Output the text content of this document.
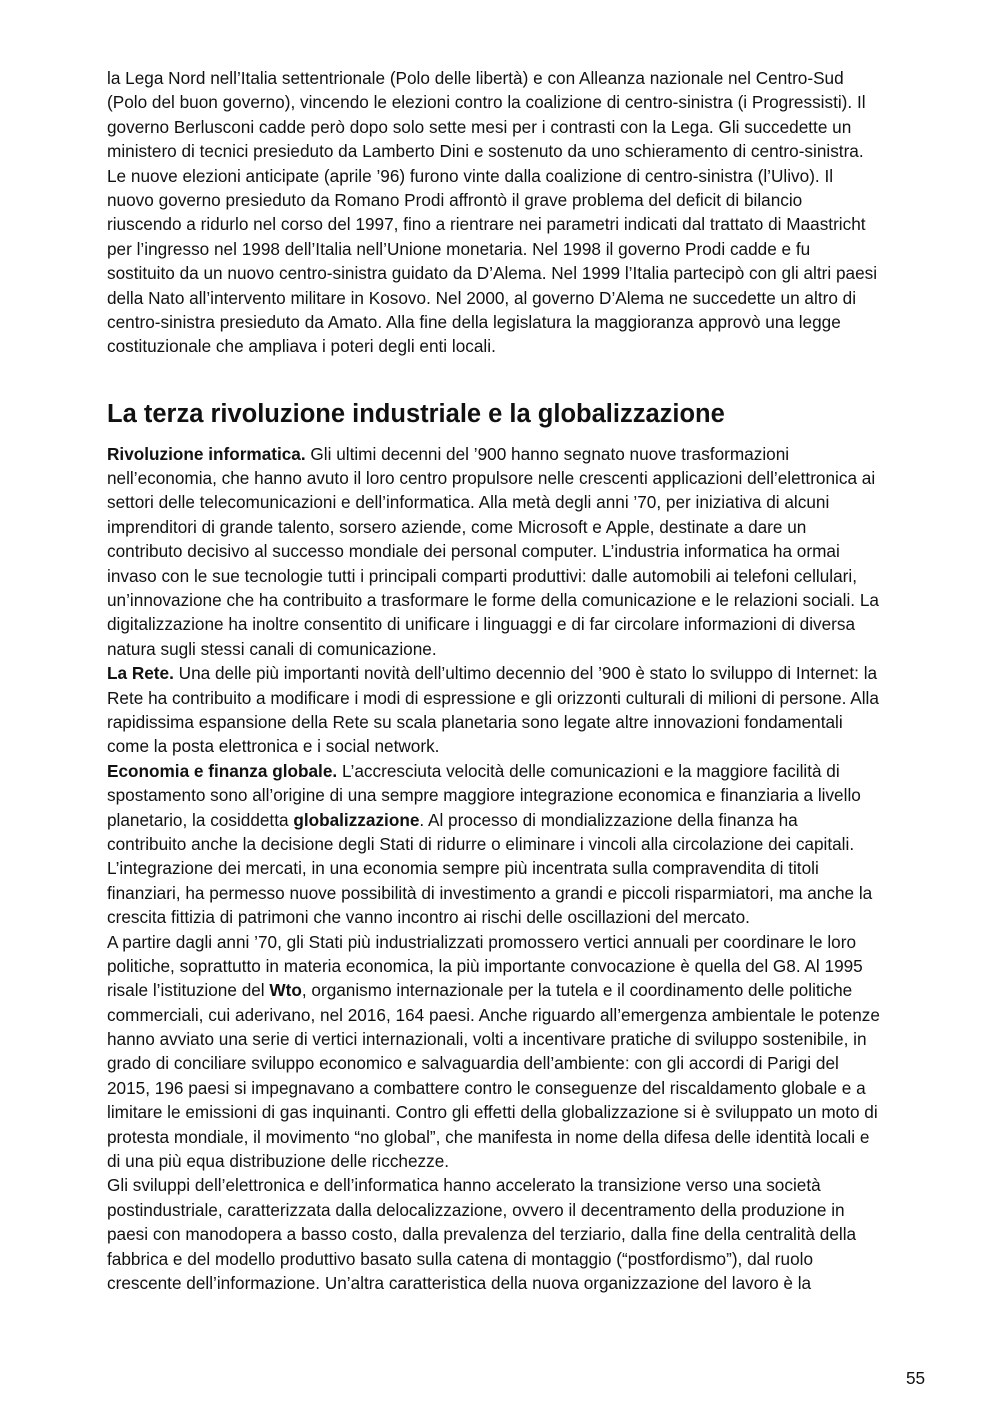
la Lega Nord nell’Italia settentrionale (Polo delle libertà) e con Alleanza nazionale nel Centro-Sud
(Polo del buon governo), vincendo le elezioni contro la coalizione di centro-sinistra (i Progressisti). Il
governo Berlusconi cadde però dopo solo sette mesi per i contrasti con la Lega. Gli succedette un
ministero di tecnici presieduto da Lamberto Dini e sostenuto da uno schieramento di centro-sinistra.
Le nuove elezioni anticipate (aprile ’96) furono vinte dalla coalizione di centro-sinistra (l’Ulivo). Il
nuovo governo presieduto da Romano Prodi affrontò il grave problema del deficit di bilancio
riuscendo a ridurlo nel corso del 1997, fino a rientrare nei parametri indicati dal trattato di Maastricht
per l’ingresso nel 1998 dell’Italia nell’Unione monetaria. Nel 1998 il governo Prodi cadde e fu
sostituito da un nuovo centro-sinistra guidato da D’Alema. Nel 1999 l’Italia partecipò con gli altri paesi
della Nato all’intervento militare in Kosovo. Nel 2000, al governo D’Alema ne succedette un altro di
centro-sinistra presieduto da Amato. Alla fine della legislatura la maggioranza approvò una legge
costituzionale che ampliava i poteri degli enti locali.
La terza rivoluzione industriale e la globalizzazione
Rivoluzione informatica. Gli ultimi decenni del ’900 hanno segnato nuove trasformazioni
nell’economia, che hanno avuto il loro centro propulsore nelle crescenti applicazioni dell’elettronica ai
settori delle telecomunicazioni e dell’informatica. Alla metà degli anni ’70, per iniziativa di alcuni
imprenditori di grande talento, sorsero aziende, come Microsoft e Apple, destinate a dare un
contributo decisivo al successo mondiale dei personal computer. L’industria informatica ha ormai
invaso con le sue tecnologie tutti i principali comparti produttivi: dalle automobili ai telefoni cellulari,
un’innovazione che ha contribuito a trasformare le forme della comunicazione e le relazioni sociali. La
digitalizzazione ha inoltre consentito di unificare i linguaggi e di far circolare informazioni di diversa
natura sugli stessi canali di comunicazione.
La Rete. Una delle più importanti novità dell’ultimo decennio del ’900 è stato lo sviluppo di Internet: la
Rete ha contribuito a modificare i modi di espressione e gli orizzonti culturali di milioni di persone. Alla
rapidissima espansione della Rete su scala planetaria sono legate altre innovazioni fondamentali
come la posta elettronica e i social network.
Economia e finanza globale. L’accresciuta velocità delle comunicazioni e la maggiore facilità di
spostamento sono all’origine di una sempre maggiore integrazione economica e finanziaria a livello
planetario, la cosiddetta globalizzazione. Al processo di mondializzazione della finanza ha
contribuito anche la decisione degli Stati di ridurre o eliminare i vincoli alla circolazione dei capitali.
L’integrazione dei mercati, in una economia sempre più incentrata sulla compravendita di titoli
finanziari, ha permesso nuove possibilità di investimento a grandi e piccoli risparmiatori, ma anche la
crescita fittizia di patrimoni che vanno incontro ai rischi delle oscillazioni del mercato.
A partire dagli anni ’70, gli Stati più industrializzati promossero vertici annuali per coordinare le loro
politiche, soprattutto in materia economica, la più importante convocazione è quella del G8. Al 1995
risale l’istituzione del Wto, organismo internazionale per la tutela e il coordinamento delle politiche
commerciali, cui aderivano, nel 2016, 164 paesi. Anche riguardo all’emergenza ambientale le potenze
hanno avviato una serie di vertici internazionali, volti a incentivare pratiche di sviluppo sostenibile, in
grado di conciliare sviluppo economico e salvaguardia dell’ambiente: con gli accordi di Parigi del
2015, 196 paesi si impegnavano a combattere contro le conseguenze del riscaldamento globale e a
limitare le emissioni di gas inquinanti. Contro gli effetti della globalizzazione si è sviluppato un moto di
protesta mondiale, il movimento “no global”, che manifesta in nome della difesa delle identità locali e
di una più equa distribuzione delle ricchezze.
Gli sviluppi dell’elettronica e dell’informatica hanno accelerato la transizione verso una società
postindustriale, caratterizzata dalla delocalizzazione, ovvero il decentramento della produzione in
paesi con manodopera a basso costo, dalla prevalenza del terziario, dalla fine della centralità della
fabbrica e del modello produttivo basato sulla catena di montaggio (“postfordismo”), dal ruolo
crescente dell’informazione. Un’altra caratteristica della nuova organizzazione del lavoro è la
55
